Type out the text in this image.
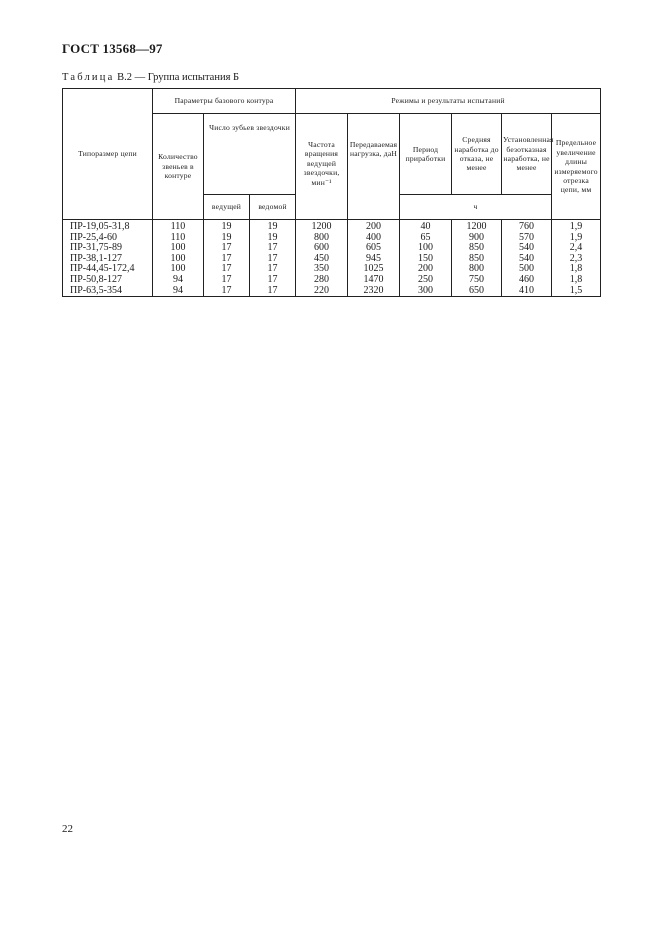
ГОСТ 13568—97
Таблица В.2 — Группа испытания Б
Типоразмер цепи	Параметры базового контура			Режимы и результаты испытаний					
	Количество звеньев в контуре	Число зубьев звездочки		Частота вращения ведущей звездочки, мин⁻¹	Передаваемая нагрузка, даН	Период приработки	Средняя наработка до отказа, не менее	Установленная безотказная наработка, не менее	Предельное увеличение длины измеряемого отрезка цепи, мм
		ведущей	ведомой			ч			
ПР-19,05-31,8	110	19	19	1200	200	40	1200	760	1,9
ПР-25,4-60	110	19	19	800	400	65	900	570	1,9
ПР-31,75-89	100	17	17	600	605	100	850	540	2,4
ПР-38,1-127	100	17	17	450	945	150	850	540	2,3
ПР-44,45-172,4	100	17	17	350	1025	200	800	500	1,8
ПР-50,8-127	94	17	17	280	1470	250	750	460	1,8
ПР-63,5-354	94	17	17	220	2320	300	650	410	1,5
22
